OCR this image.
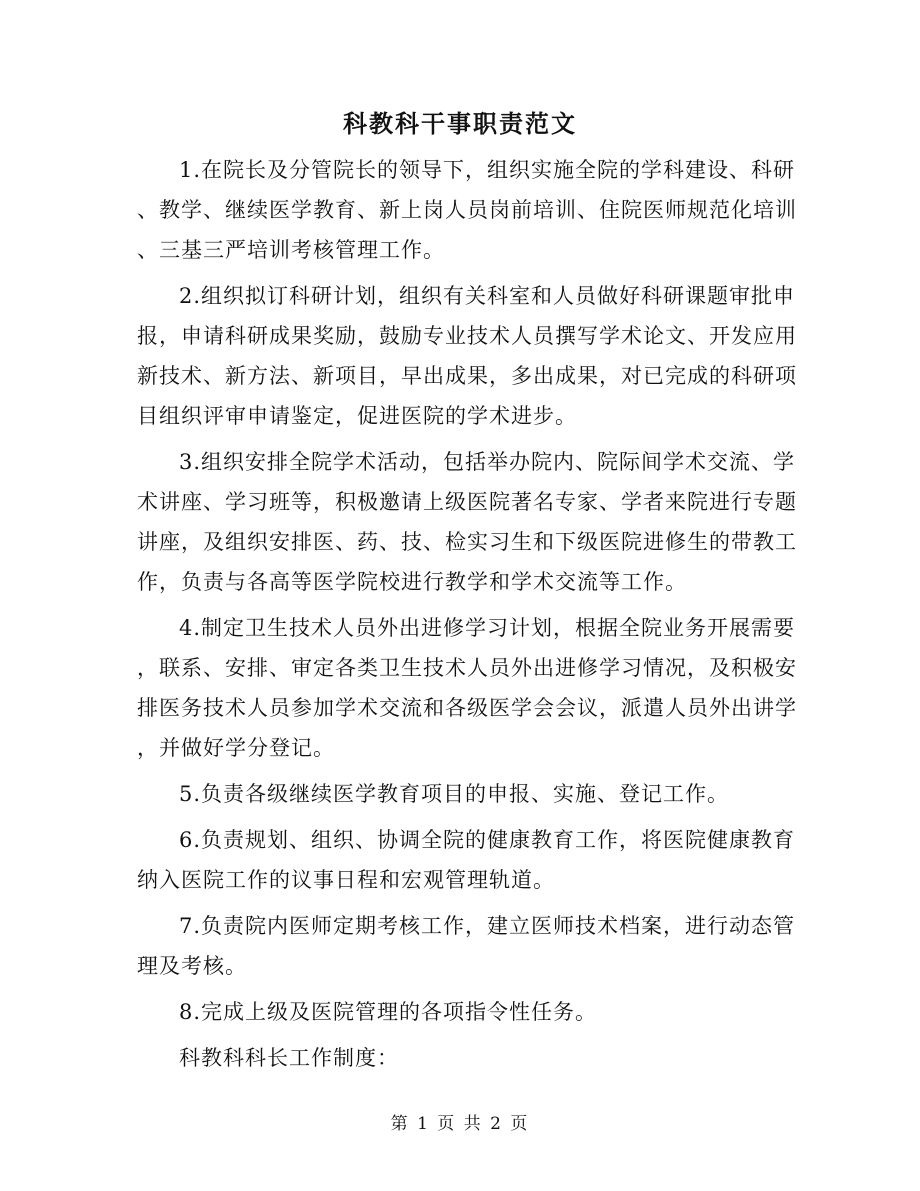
科教科干事职责范文
1.在院长及分管院长的领导下，组织实施全院的学科建设、科研
、教学、继续医学教育、新上岗人员岗前培训、住院医师规范化培训
、三基三严培训考核管理工作。
2.组织拟订科研计划，组织有关科室和人员做好科研课题审批申
报，申请科研成果奖励，鼓励专业技术人员撰写学术论文、开发应用
新技术、新方法、新项目，早出成果，多出成果，对已完成的科研项
目组织评审申请鉴定，促进医院的学术进步。
3.组织安排全院学术活动，包括举办院内、院际间学术交流、学
术讲座、学习班等，积极邀请上级医院著名专家、学者来院进行专题
讲座，及组织安排医、药、技、检实习生和下级医院进修生的带教工
作，负责与各高等医学院校进行教学和学术交流等工作。
4.制定卫生技术人员外出进修学习计划，根据全院业务开展需要
，联系、安排、审定各类卫生技术人员外出进修学习情况，及积极安
排医务技术人员参加学术交流和各级医学会会议，派遣人员外出讲学
，并做好学分登记。
5.负责各级继续医学教育项目的申报、实施、登记工作。
6.负责规划、组织、协调全院的健康教育工作，将医院健康教育
纳入医院工作的议事日程和宏观管理轨道。
7.负责院内医师定期考核工作，建立医师技术档案，进行动态管
理及考核。
8.完成上级及医院管理的各项指令性任务。
科教科科长工作制度：
第 1 页 共 2 页
